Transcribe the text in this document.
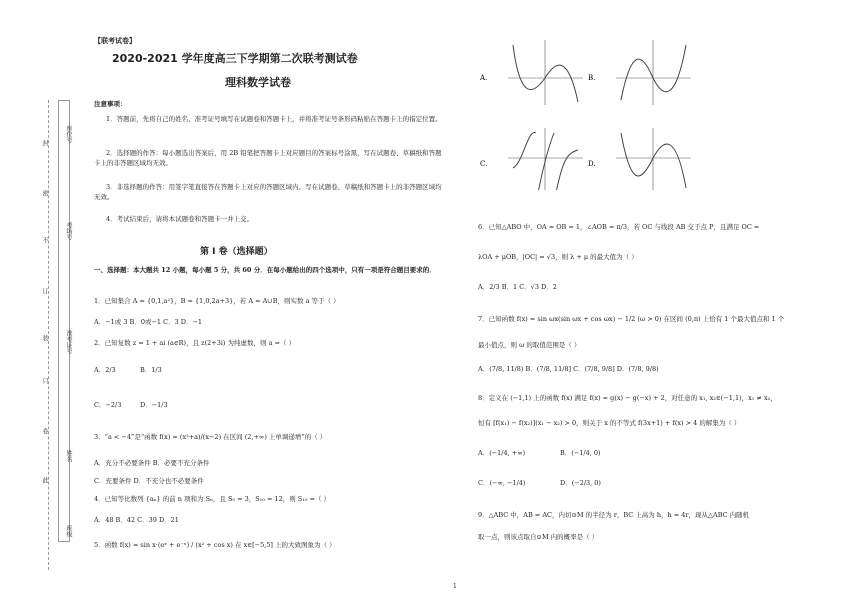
座位号
考场号
准考证号
姓名
班级
封
密
不
订
装
只
卷
此
【联考试卷】
2020-2021 学年度高三下学期第二次联考测试卷
理科数学试卷
注意事项：
1．答题前，先将自己的姓名、准考证号填写在试题卷和答题卡上，并将准考证号条形码粘贴在答题卡上的指定位置。
2．选择题的作答：每小题选出答案后，用 2B 铅笔把答题卡上对应题目的答案标号涂黑，写在试题卷、草稿纸和答题卡上的非答题区域均无效。
3．非选择题的作答：用签字笔直接答在答题卡上对应的答题区域内。写在试题卷、草稿纸和答题卡上的非答题区域均无效。
4．考试结束后，请将本试题卷和答题卡一并上交。
第 Ⅰ 卷（选择题）
一、选择题：本大题共 12 小题，每小题 5 分，共 60 分．在每小题给出的四个选项中，只有一项是符合题目要求的．
1．已知集合 A = {0,1,a²}，B = {1,0,2a+3}，若 A = A∪B，则实数 a 等于（ ）
A．−1或 3 B．0或−1 C．3 D．−1
2．已知复数 z = 1 + ai (a∈R)，且 z(2+3i) 为纯虚数，则 a =（ ）
A．2/3	B．1/3
C．−2/3	D．−1/3
3．“a < −4”是“函数 f(x) = (x²+a)/(x−2) 在区间 (2,+∞) 上单调递增”的（ ）
A．充分不必要条件 B．必要不充分条件
C．充要条件 D．不充分也不必要条件
4．已知等比数列 {aₙ} 的前 n 项和为 Sₙ，且 S₅ = 3，S₁₀ = 12，则 S₁₅ =（ ）
A．48 B．42 C．39 D．21
5．函数 f(x) = sin x·(eˣ + e⁻ˣ) / (x² + cos x) 在 x∈[−5,5] 上的大致图象为（ ）
A.	B.
C.	D.
6．已知△ABO 中，OA = OB = 1，∠AOB = π/3，若 OC 与线段 AB 交于点 P，且满足 OC =
λOA + μOB，|OC| = √3，则 λ + μ 的最大值为（ ）
A．2/3 B．1 C．√3 D．2
7．已知函数 f(x) = sin ωx(sin ωx + cos ωx) − 1/2 (ω > 0) 在区间 (0,π) 上恰有 1 个最大值点和 1 个
最小值点，则 ω 的取值范围是（ ）
A．(7/8, 11/8) B．(7/8, 11/8] C．(7/8, 9/8] D．(7/8, 9/8)
8．定义在 (−1,1) 上的函数 f(x) 满足 f(x) = g(x) − g(−x) + 2，对任意的 x₁, x₂∈(−1,1)，x₁ ≠ x₂，
恒有 [f(x₁) − f(x₂)](x₁ − x₂) > 0，则关于 x 的不等式 f(3x+1) + f(x) > 4 的解集为（ ）
A．(−1/4, +∞)	B．(−1/4, 0)
C．(−∞, −1/4)	D．(−2/3, 0)
9．△ABC 中，AB = AC，内切⊙M 的半径为 r，BC 上高为 h，h = 4r，现从△ABC 内随机
取一点，则该点取自⊙M 内的概率是（ ）
1
